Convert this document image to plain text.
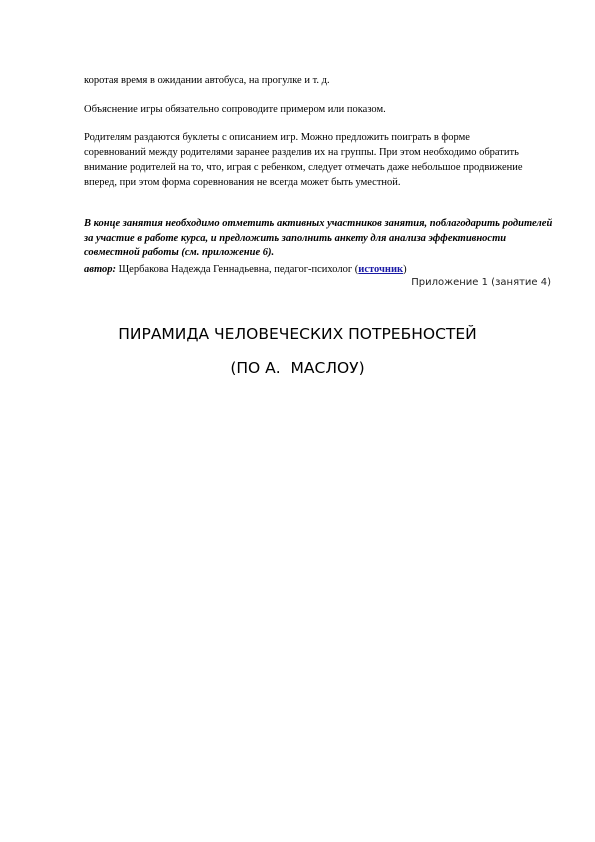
коротая время в ожидании автобуса, на прогулке и т. д.

Объяснение игры обязательно сопроводите примером или показом.

Родителям раздаются буклеты с описанием игр. Можно предложить поиграть в форме соревнований между родителями заранее разделив их на группы. При этом необходимо обратить внимание родителей на то, что, играя с ребенком, следует отмечать даже небольшое продвижение вперед, при этом форма соревнования не всегда может быть уместной.

В конце занятия необходимо отметить активных участников занятия, поблагодарить родителей за участие в работе курса, и предложить заполнить анкету для анализа эффективности совместной работы (см. приложение 6).

автор: Щербакова Надежда Геннадьевна, педагог-психолог (источник)

Приложение 1 (занятие 4)
ПИРАМИДА ЧЕЛОВЕЧЕСКИХ ПОТРЕБНОСТЕЙ
(ПО А.  МАСЛОУ)
